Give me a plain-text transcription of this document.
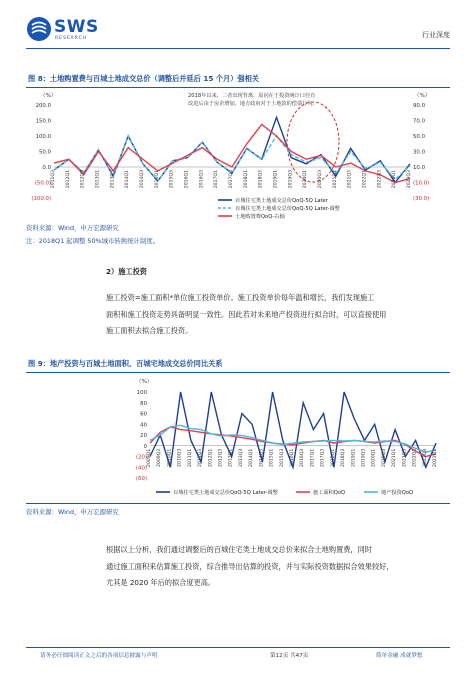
SWS
RESEARCH	行业深度
图 8：土地购置费与百城土地成交总价（调整后并延后 15 个月）强相关
（%）	（%）
2018年以来，二者出现背离，原因在于投资统计口径有
改进后由于房企增加，地方政府对于土地款的偿债行为。
200.0
150.0
100.0
50.0
0.0
(50.0)
(100.0)
90.0
70.0
50.0
30.0
10.0
(10.0)
(30.0)
2011Q3 2012Q1 2012Q3 2013Q1 2013Q3 2014Q1 2014Q3 2015Q1 2015Q3 2016Q1 2016Q3 2017Q1 2017Q3 2018Q1 2018Q3 2019Q1 2019Q3 2020Q1 2020Q3 2021Q1 2021Q3 2022Q1 2022Q3 2023Q1 2023Q3
百城住宅类土地成交总价QoQ-5Q Later
百城住宅类土地成交总价QoQ-5Q Later-调整
土地购置费QoQ-右轴
资料来源：Wind，申万宏源研究
注：2018Q1 起调整 50%城市转换统计制度。
2）施工投资
施工投资=施工面积*单位施工投资单价。施工投资单价每年温和增长，我们发现施工
面积和施工投资走势具备明显一致性。因此若对未来地产投资进行拟合时，可以直接使用
施工面积去拟合施工投资。
图 9：地产投资与百城土地面积、百城宅地成交总价同比关系
（%）
100
80
60
40
20
0
(20)
(40)
(60)
2009Q1 2009Q3 2010Q1 2010Q3 2011Q1 2011Q3 2012Q1 2012Q3 2013Q1 2013Q3 2014Q1 2014Q3 2015Q1 2015Q3 2016Q1 2016Q3 2017Q1 2017Q3 2018Q1 2018Q3 2019Q1 2019Q3 2020Q1 2020Q3 2021Q1 2021Q3 2022Q1 2022Q3 2023Q1
百城住宅类土地成交总价QoQ-5Q Later-调整	施工面积QoQ	地产投资QoQ
资料来源：Wind，申万宏源研究
根据以上分析，我们通过调整后的百城住宅类土地成交总价来拟合土地购置费，同时
通过施工面积来估算施工投资，综合推导出估算的投资，并与实际投资数据拟合效果较好，
尤其是 2020 年后的拟合度更高。
请务必仔细阅读正文之后的各项信息披露与声明	第12页 共47页	简单金融 成就梦想
